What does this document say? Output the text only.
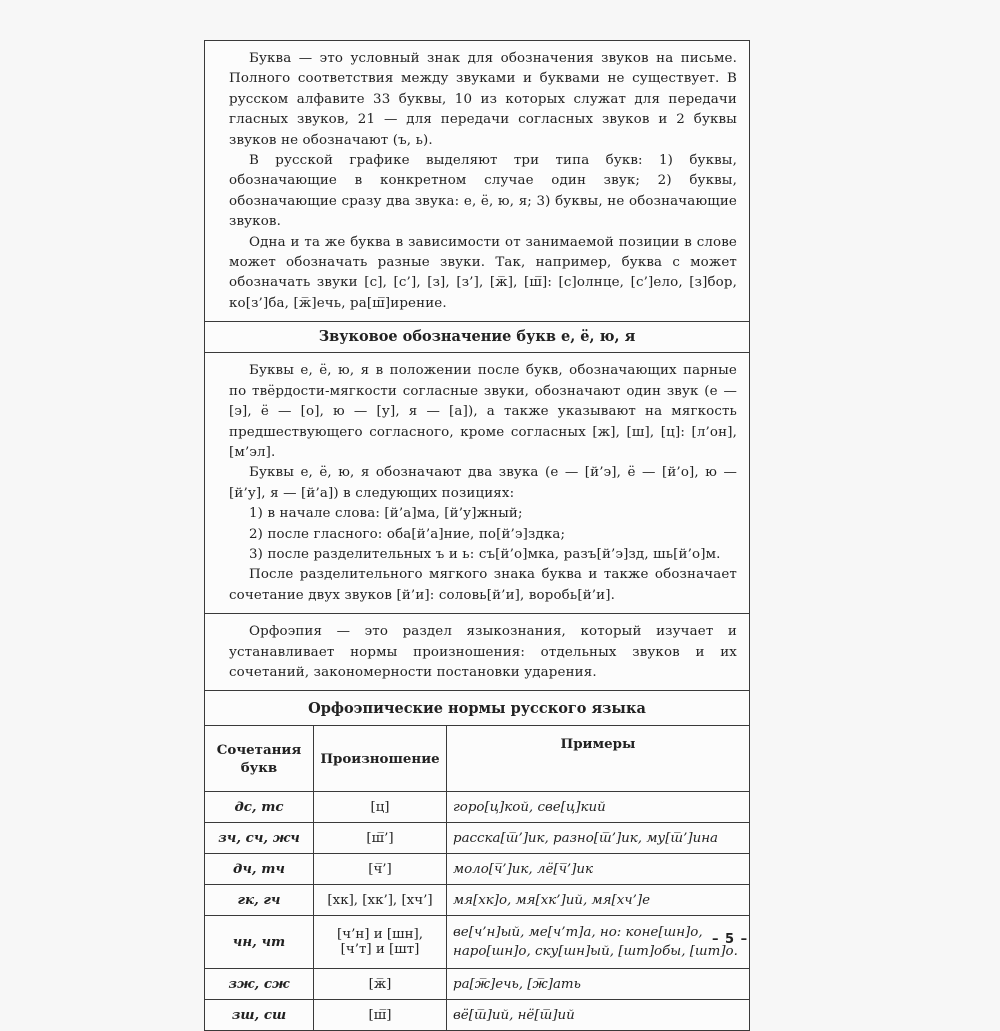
Буква — это условный знак для обозначения звуков на письме. Полного соответствия между звуками и буквами не существует. В русском алфавите 33 буквы, 10 из которых служат для передачи гласных звуков, 21 — для передачи согласных звуков и 2 буквы звуков не обозначают (ъ, ь).

В русской графике выделяют три типа букв: 1) буквы, обозначающие в конкретном случае один звук; 2) буквы, обозначающие сразу два звука: е, ё, ю, я; 3) буквы, не обозначающие звуков.

Одна и та же буква в зависимости от занимаемой позиции в слове может обозначать разные звуки. Так, например, буква с может обозначать звуки [с], [с’], [з], [з’], [ж̅], [ш̅]: [с]олнце, [с’]ело, [з]бор, ко[з’]ба, [ж̅]ечь, ра[ш̅]ирение.

Звуковое обозначение букв е, ё, ю, я

Буквы е, ё, ю, я в положении после букв, обозначающих парные по твёрдости-мягкости согласные звуки, обозначают один звук (е — [э], ё — [о], ю — [у], я — [а]), а также указывают на мягкость предшествующего согласного, кроме согласных [ж], [ш], [ц]: [л’он], [м’эл].

Буквы е, ё, ю, я обозначают два звука (е — [й’э], ё — [й’о], ю — [й’у], я — [й’а]) в следующих позициях:

1) в начале слова: [й’а]ма, [й’у]жный;

2) после гласного: оба[й’а]ние, по[й’э]здка;

3) после разделительных ъ и ь: съ[й’о]мка, разъ[й’э]зд, шь[й’о]м.

После разделительного мягкого знака буква и также обозначает сочетание двух звуков [й’и]: соловь[й’и], воробь[й’и].

Орфоэпия — это раздел языкознания, который изучает и устанавливает нормы произношения: отдельных звуков и их сочетаний, закономерности постановки ударения.

Орфоэпические нормы русского языка
Сочетания букв	Произношение	Примеры
дс, тс	[ц]	горо[ц]кой, све[ц]кий
зч, сч, жч	[ш̅’]	расска[ш̅’]ик, разно[ш̅’]ик, му[ш̅’]ина
дч, тч	[ч̅’]	моло[ч̅’]ик, лё[ч̅’]ик
гк, гч	[хк], [хк’], [хч’]	мя[хк]о, мя[хк’]ий, мя[хч’]е
чн, чт	[ч’н] и [шн], [ч’т] и [шт]	ве[ч’н]ый, ме[ч’т]а, но: коне[шн]о, наро[шн]о, ску[шн]ый, [шт]обы, [шт]о.
зж, сж	[ж̅]	ра[ж̅]ечь, [ж̅]ать
зш, сш	[ш̅]	вё[ш̅]ий, нё[ш̅]ий
– 5 –
